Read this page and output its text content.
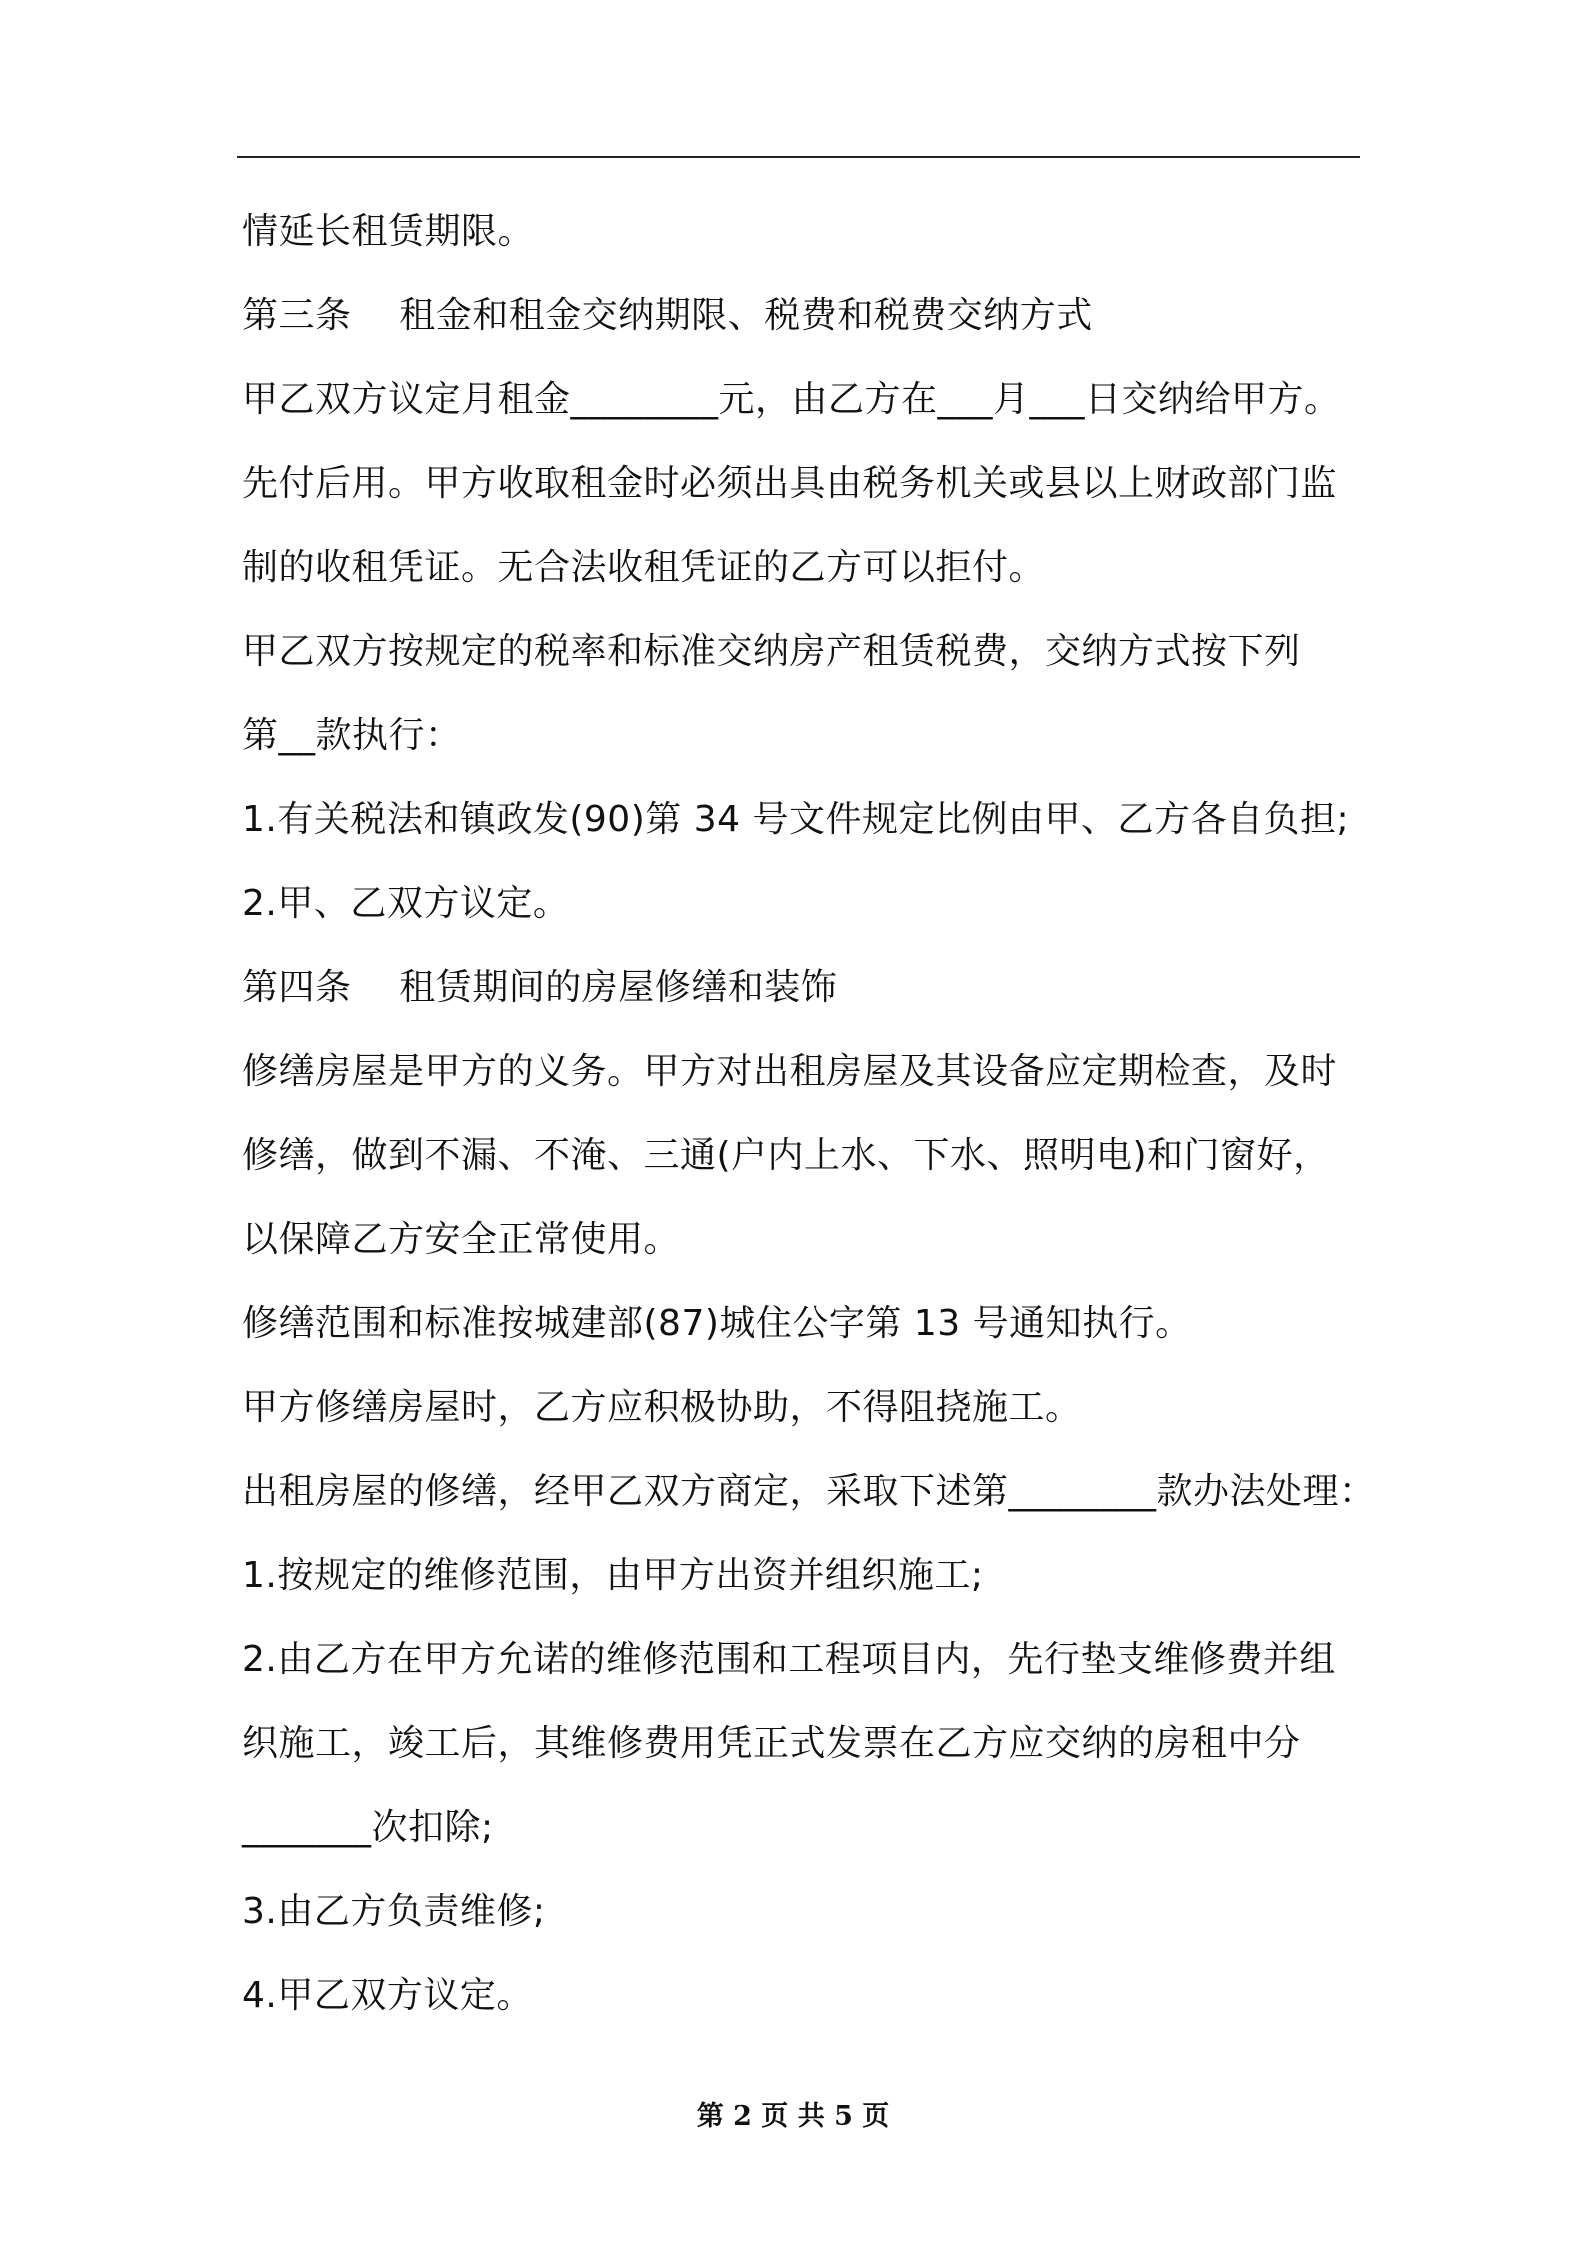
情延长租赁期限。
第三条    租金和租金交纳期限、税费和税费交纳方式
甲乙双方议定月租金________元，由乙方在___月___日交纳给甲方。
先付后用。甲方收取租金时必须出具由税务机关或县以上财政部门监
制的收租凭证。无合法收租凭证的乙方可以拒付。
甲乙双方按规定的税率和标准交纳房产租赁税费，交纳方式按下列
第__款执行：
1.有关税法和镇政发(90)第 34 号文件规定比例由甲、乙方各自负担;
2.甲、乙双方议定。
第四条    租赁期间的房屋修缮和装饰
修缮房屋是甲方的义务。甲方对出租房屋及其设备应定期检查，及时
修缮，做到不漏、不淹、三通(户内上水、下水、照明电)和门窗好，
以保障乙方安全正常使用。
修缮范围和标准按城建部(87)城住公字第 13 号通知执行。
甲方修缮房屋时，乙方应积极协助，不得阻挠施工。
出租房屋的修缮，经甲乙双方商定，采取下述第________款办法处理：
1.按规定的维修范围，由甲方出资并组织施工;
2.由乙方在甲方允诺的维修范围和工程项目内，先行垫支维修费并组
织施工，竣工后，其维修费用凭正式发票在乙方应交纳的房租中分
_______次扣除;
3.由乙方负责维修;
4.甲乙双方议定。
第 2 页 共 5 页
